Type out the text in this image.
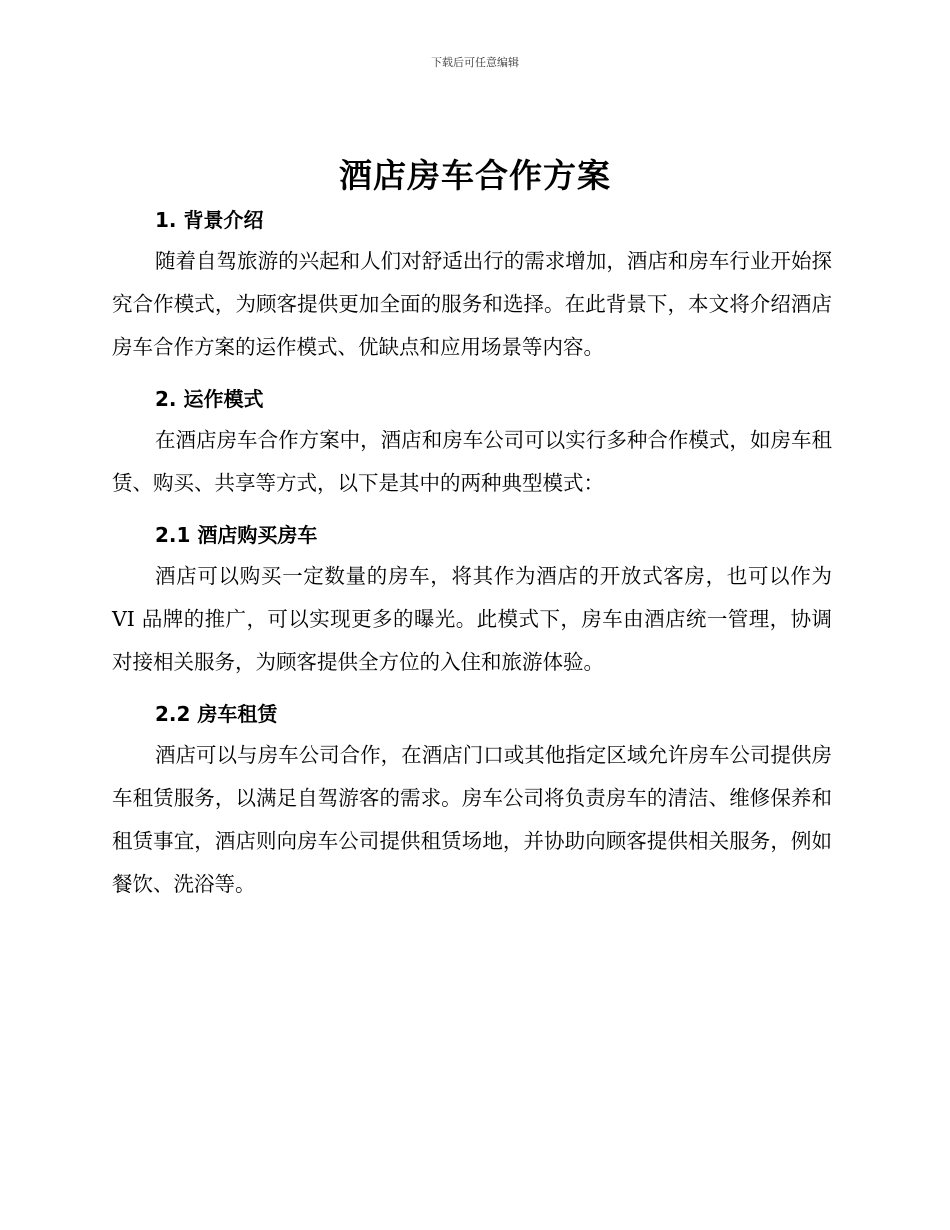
下载后可任意编辑
酒店房车合作方案
1. 背景介绍

随着自驾旅游的兴起和人们对舒适出行的需求增加，酒店和房车行业开始探究合作模式，为顾客提供更加全面的服务和选择。在此背景下，本文将介绍酒店房车合作方案的运作模式、优缺点和应用场景等内容。

2. 运作模式

在酒店房车合作方案中，酒店和房车公司可以实行多种合作模式，如房车租赁、购买、共享等方式，以下是其中的两种典型模式：

2.1 酒店购买房车

酒店可以购买一定数量的房车，将其作为酒店的开放式客房，也可以作为 VI 品牌的推广，可以实现更多的曝光。此模式下，房车由酒店统一管理，协调对接相关服务，为顾客提供全方位的入住和旅游体验。

2.2 房车租赁

酒店可以与房车公司合作，在酒店门口或其他指定区域允许房车公司提供房车租赁服务，以满足自驾游客的需求。房车公司将负责房车的清洁、维修保养和租赁事宜，酒店则向房车公司提供租赁场地，并协助向顾客提供相关服务，例如餐饮、洗浴等。
